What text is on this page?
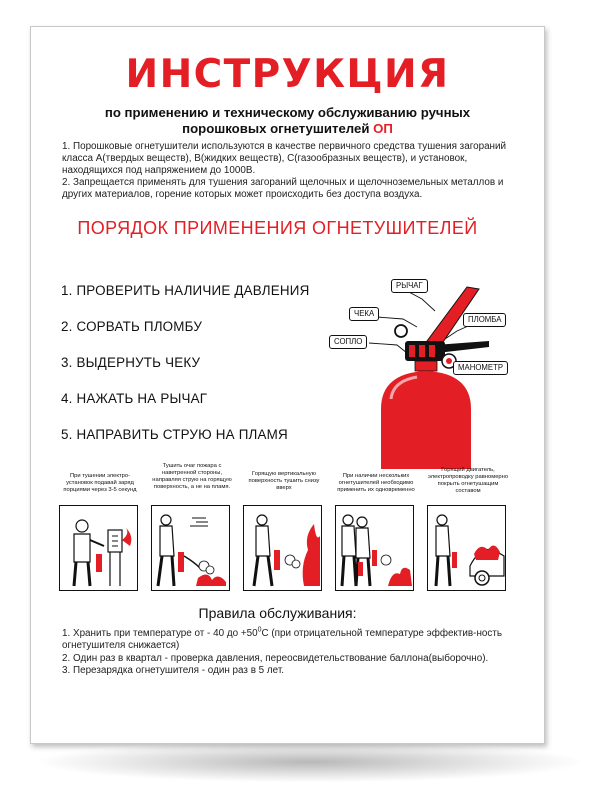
ИНСТРУКЦИЯ
по применению и техническому обслуживанию ручных
порошковых огнетушителей ОП

1. Порошковые огнетушители используются в качестве первичного средства тушения загораний класса А(твердых веществ), В(жидких веществ), С(газообразных веществ), и установок, находящихся под напряжением до 1000В.

2. Запрещается применять для тушения загораний щелочных и щелочноземельных металлов и других материалов, горение которых может происходить без доступа воздуха.

ПОРЯДОК ПРИМЕНЕНИЯ ОГНЕТУШИТЕЛЕЙ
1. ПРОВЕРИТЬ НАЛИЧИЕ ДАВЛЕНИЯ
2. СОРВАТЬ ПЛОМБУ
3. ВЫДЕРНУТЬ ЧЕКУ
4. НАЖАТЬ НА РЫЧАГ
5. НАПРАВИТЬ СТРУЮ НА ПЛАМЯ
РЫЧАГ
ЧЕКА
ПЛОМБА
СОПЛО
МАНОМЕТР
При тушении электро-установок подавай заряд порциями через 3-5 секунд
Тушить очаг пожара с наветренной стороны, направляя струю на горящую поверхность, а не на пламя.
Горящую вертикальную поверхность тушить снизу вверх
При наличии нескольких огнетушителей необходимо применить их одновременно
Горящий двигатель, электропроводку равномерно покрыть огнетушащим составом
Правила обслуживания:

1. Хранить при температуре от - 40 до $+50^0С$ (при отрицательной температуре эффектив-ность огнетушителя снижается)

2. Один раз в квартал - проверка давления, переосвидетельствование баллона(выборочно).

3. Перезарядка огнетушителя - один раз в 5 лет.
